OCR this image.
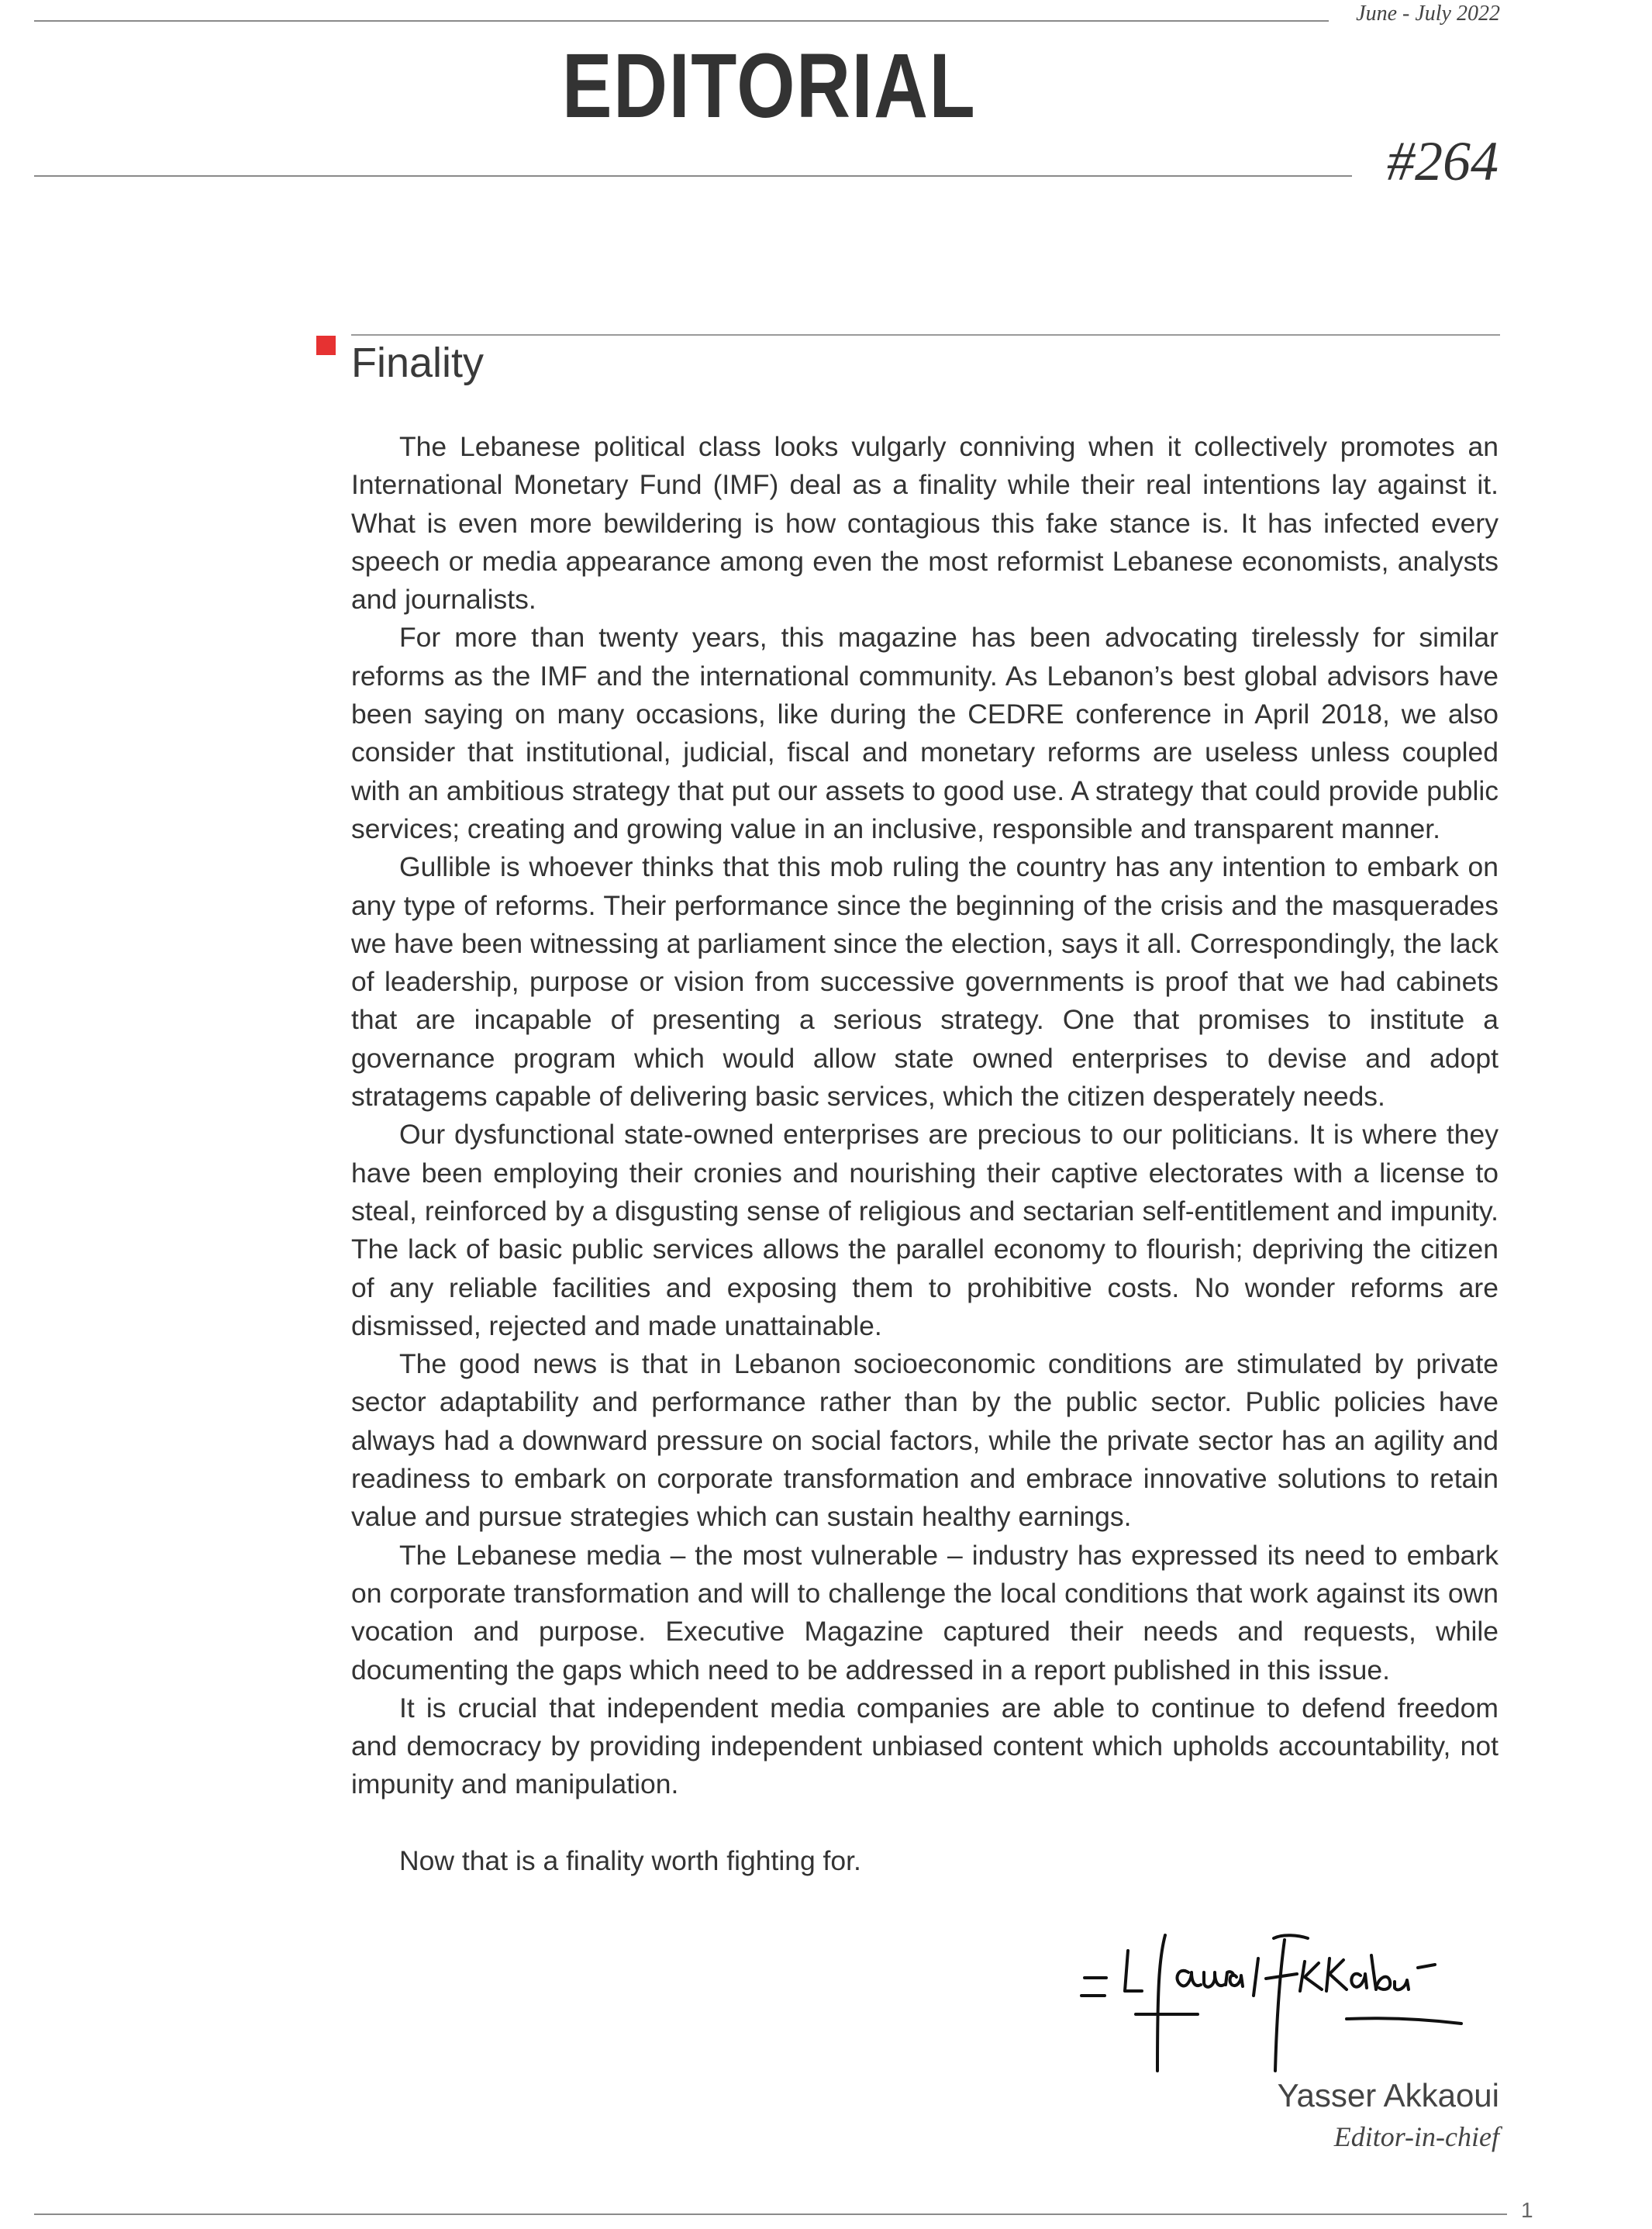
June - July 2022
EDITORIAL
#264
Finality

The Lebanese political class looks vulgarly conniving when it collectively promotes an International Monetary Fund (IMF) deal as a finality while their real intentions lay against it. What is even more bewildering is how contagious this fake stance is. It has infected every speech or media appearance among even the most reformist Lebanese economists, analysts and journalists.

For more than twenty years, this magazine has been advocating tirelessly for similar reforms as the IMF and the international community. As Lebanon’s best global advisors have been saying on many occasions, like during the CEDRE conference in April 2018, we also consider that institutional, judicial, fiscal and monetary reforms are useless unless coupled with an ambitious strategy that put our assets to good use. A strategy that could provide public services; creating and growing value in an inclusive, responsible and transparent manner.

Gullible is whoever thinks that this mob ruling the country has any intention to embark on any type of reforms. Their performance since the beginning of the crisis and the masquerades we have been witnessing at parliament since the election, says it all. Correspondingly, the lack of leadership, purpose or vision from successive governments is proof that we had cabinets that are incapable of presenting a serious strategy. One that promises to institute a governance program which would allow state owned enterprises to devise and adopt stratagems capable of delivering basic services, which the citizen desperately needs.

Our dysfunctional state-owned enterprises are precious to our politicians. It is where they have been employing their cronies and nourishing their captive electorates with a license to steal, reinforced by a disgusting sense of religious and sectarian self-entitlement and impunity. The lack of basic public services allows the parallel economy to flourish; depriving the citizen of any reliable facilities and exposing them to prohibitive costs. No wonder reforms are dismissed, rejected and made unattainable.

The good news is that in Lebanon socioeconomic conditions are stimulated by private sector adaptability and performance rather than by the public sector. Public policies have always had a downward pressure on social factors, while the private sector has an agility and readiness to embark on corporate transformation and embrace innovative solutions to retain value and pursue strategies which can sustain healthy earnings.

The Lebanese media – the most vulnerable – industry has expressed its need to embark on corporate transformation and will to challenge the local conditions that work against its own vocation and purpose. Executive Magazine captured their needs and requests, while documenting the gaps which need to be addressed in a report published in this issue.

It is crucial that independent media companies are able to continue to defend freedom and democracy by providing independent unbiased content which upholds accountability, not impunity and manipulation.

Now that is a finality worth fighting for.

Yasser Akkaoui
Editor-in-chief
1
